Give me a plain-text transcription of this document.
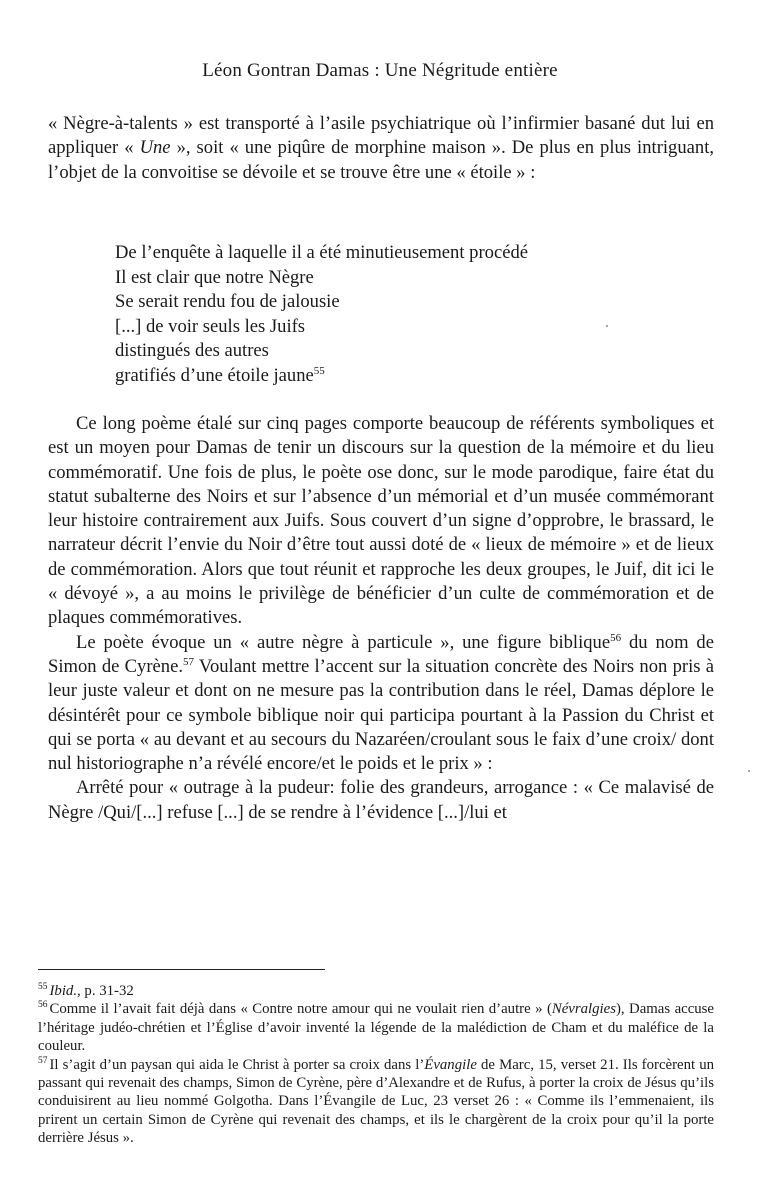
Léon Gontran Damas : Une Négritude entière

« Nègre-à-talents » est transporté à l’asile psychiatrique où l’infirmier basané dut lui en appliquer « Une », soit « une piqûre de morphine maison ». De plus en plus intriguant, l’objet de la convoitise se dévoile et se trouve être une « étoile » :

De l’enquête à laquelle il a été minutieusement procédé
Il est clair que notre Nègre
Se serait rendu fou de jalousie
[...] de voir seuls les Juifs
distingués des autres
gratifiés d’une étoile jaune$^{55}$

Ce long poème étalé sur cinq pages comporte beaucoup de référents symboliques et est un moyen pour Damas de tenir un discours sur la question de la mémoire et du lieu commémoratif. Une fois de plus, le poète ose donc, sur le mode parodique, faire état du statut subalterne des Noirs et sur l’absence d’un mémorial et d’un musée commémorant leur histoire contrairement aux Juifs. Sous couvert d’un signe d’opprobre, le brassard, le narrateur décrit l’envie du Noir d’être tout aussi doté de « lieux de mémoire » et de lieux de commémoration. Alors que tout réunit et rapproche les deux groupes, le Juif, dit ici le « dévoyé », a au moins le privilège de bénéficier d’un culte de commémoration et de plaques commémoratives.

Le poète évoque un « autre nègre à particule », une figure biblique$^{56}$ du nom de Simon de Cyrène.$^{57}$ Voulant mettre l’accent sur la situation concrète des Noirs non pris à leur juste valeur et dont on ne mesure pas la contribution dans le réel, Damas déplore le désintérêt pour ce symbole biblique noir qui participa pourtant à la Passion du Christ et qui se porta « au devant et au secours du Nazaréen/croulant sous le faix d’une croix/ dont nul historiographe n’a révélé encore/et le poids et le prix » :

Arrêté pour « outrage à la pudeur: folie des grandeurs, arrogance : « Ce malavisé de Nègre /Qui/[...] refuse [...] de se rendre à l’évidence [...]/lui et

$^{55}$ Ibid., p. 31-32

$^{56}$ Comme il l’avait fait déjà dans « Contre notre amour qui ne voulait rien d’autre » (Névralgies), Damas accuse l’héritage judéo-chrétien et l’Église d’avoir inventé la légende de la malédiction de Cham et du maléfice de la couleur.

$^{57}$ Il s’agit d’un paysan qui aida le Christ à porter sa croix dans l’Évangile de Marc, 15, verset 21. Ils forcèrent un passant qui revenait des champs, Simon de Cyrène, père d’Alexandre et de Rufus, à porter la croix de Jésus qu’ils conduisirent au lieu nommé Golgotha. Dans l’Évangile de Luc, 23 verset 26 : « Comme ils l’emmenaient, ils prirent un certain Simon de Cyrène qui revenait des champs, et ils le chargèrent de la croix pour qu’il la porte derrière Jésus ».
